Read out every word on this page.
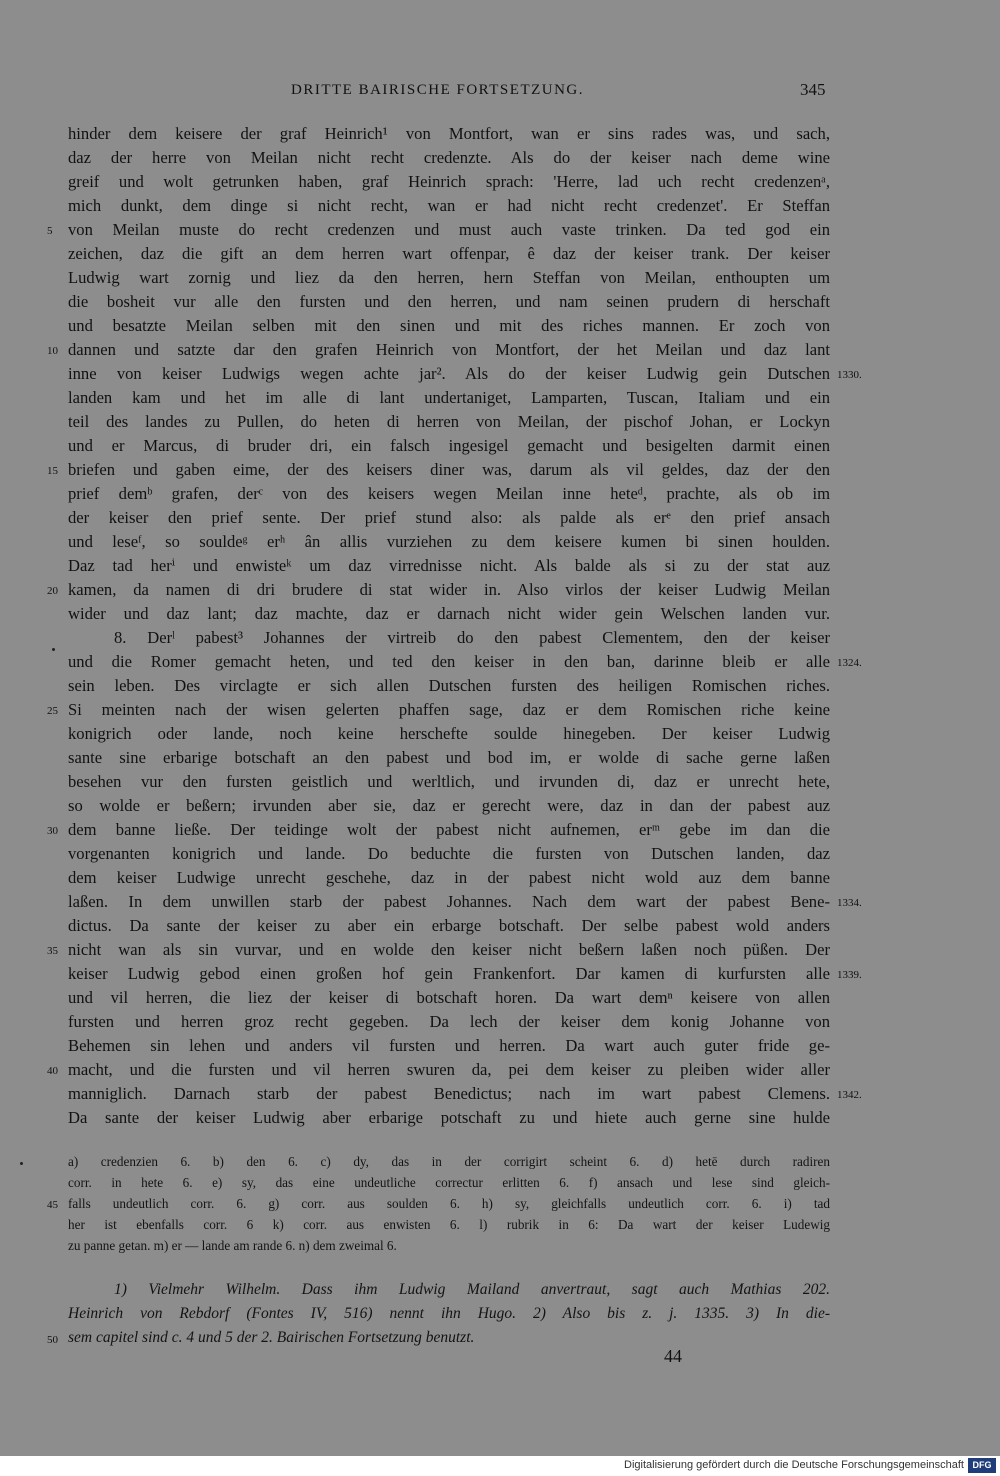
DRITTE BAIRISCHE FORTSETZUNG.	345
hinder dem keisere der graf Heinrich¹ von Montfort, wan er sins rades was, und sach,
daz der herre von Meilan nicht recht credenzte. Als do der keiser nach deme wine
greif und wolt getrunken haben, graf Heinrich sprach: 'Herre, lad uch recht credenzenᵃ,
mich dunkt, dem dinge si nicht recht, wan er had nicht recht credenzet'. Er Steffan
von Meilan muste do recht credenzen und must auch vaste trinken. Da ted god ein
zeichen, daz die gift an dem herren wart offenpar, ê daz der keiser trank. Der keiser
Ludwig wart zornig und liez da den herren, hern Steffan von Meilan, enthoupten um
die bosheit vur alle den fursten und den herren, und nam seinen prudern di herschaft
und besatzte Meilan selben mit den sinen und mit des riches mannen. Er zoch von
dannen und satzte dar den grafen Heinrich von Montfort, der het Meilan und daz lant
inne von keiser Ludwigs wegen achte jar². Als do der keiser Ludwig gein Dutschen
landen kam und het im alle di lant undertaniget, Lamparten, Tuscan, Italiam und ein
teil des landes zu Pullen, do heten di herren von Meilan, der pischof Johan, er Lockyn
und er Marcus, di bruder dri, ein falsch ingesigel gemacht und besigelten darmit einen
briefen und gaben eime, der des keisers diner was, darum als vil geldes, daz der den
prief demᵇ grafen, derᶜ von des keisers wegen Meilan inne heteᵈ, prachte, als ob im
der keiser den prief sente. Der prief stund also: als palde als erᵉ den prief ansach
und leseᶠ, so souldeᵍ erʰ ân allis vurziehen zu dem keisere kumen bi sinen houlden.
Daz tad herⁱ und enwisteᵏ um daz virrednisse nicht. Als balde als si zu der stat auz
kamen, da namen di dri brudere di stat wider in. Also virlos der keiser Ludwig Meilan
wider und daz lant; daz machte, daz er darnach nicht wider gein Welschen landen vur.
8. Derˡ pabest³ Johannes der virtreib do den pabest Clementem, den der keiser
und die Romer gemacht heten, und ted den keiser in den ban, darinne bleib er alle
sein leben. Des virclagte er sich allen Dutschen fursten des heiligen Romischen riches.
Si meinten nach der wisen gelerten phaffen sage, daz er dem Romischen riche keine
konigrich oder lande, noch keine herschefte soulde hinegeben. Der keiser Ludwig
sante sine erbarige botschaft an den pabest und bod im, er wolde di sache gerne laßen
besehen vur den fursten geistlich und werltlich, und irvunden di, daz er unrecht hete,
so wolde er beßern; irvunden aber sie, daz er gerecht were, daz in dan der pabest auz
dem banne ließe. Der teidinge wolt der pabest nicht aufnemen, erᵐ gebe im dan die
vorgenanten konigrich und lande. Do beduchte die fursten von Dutschen landen, daz
dem keiser Ludwige unrecht geschehe, daz in der pabest nicht wold auz dem banne
laßen. In dem unwillen starb der pabest Johannes. Nach dem wart der pabest Bene-
dictus. Da sante der keiser zu aber ein erbarge botschaft. Der selbe pabest wold anders
nicht wan als sin vurvar, und en wolde den keiser nicht beßern laßen noch püßen. Der
keiser Ludwig gebod einen großen hof gein Frankenfort. Dar kamen di kurfursten alle
und vil herren, die liez der keiser di botschaft horen. Da wart demⁿ keisere von allen
fursten und herren groz recht gegeben. Da lech der keiser dem konig Johanne von
Behemen sin lehen und anders vil fursten und herren. Da wart auch guter fride ge-
macht, und die fursten und vil herren swuren da, pei dem keiser zu pleiben wider aller
manniglich. Darnach starb der pabest Benedictus; nach im wart pabest Clemens.
Da sante der keiser Ludwig aber erbarige potschaft zu und hiete auch gerne sine hulde
5
10
15
20
25
30
35
40
45
50
1330.
1324.
1334.
1339.
1342.
a) credenzien 6. b) den 6. c) dy, das in der corrigirt scheint 6. d) hetē durch radiren
corr. in hete 6. e) sy, das eine undeutliche correctur erlitten 6. f) ansach und lese sind gleich-
falls undeutlich corr. 6. g) corr. aus soulden 6. h) sy, gleichfalls undeutlich corr. 6. i) tad
her ist ebenfalls corr. 6 k) corr. aus enwisten 6. l) rubrik in 6: Da wart der keiser Ludewig
zu panne getan. m) er — lande am rande 6. n) dem zweimal 6.
1) Vielmehr Wilhelm. Dass ihm Ludwig Mailand anvertraut, sagt auch Mathias 202.
Heinrich von Rebdorf (Fontes IV, 516) nennt ihn Hugo. 2) Also bis z. j. 1335. 3) In die-
sem capitel sind c. 4 und 5 der 2. Bairischen Fortsetzung benutzt.
44
Digitalisierung gefördert durch die Deutsche Forschungsgemeinschaft DFG
